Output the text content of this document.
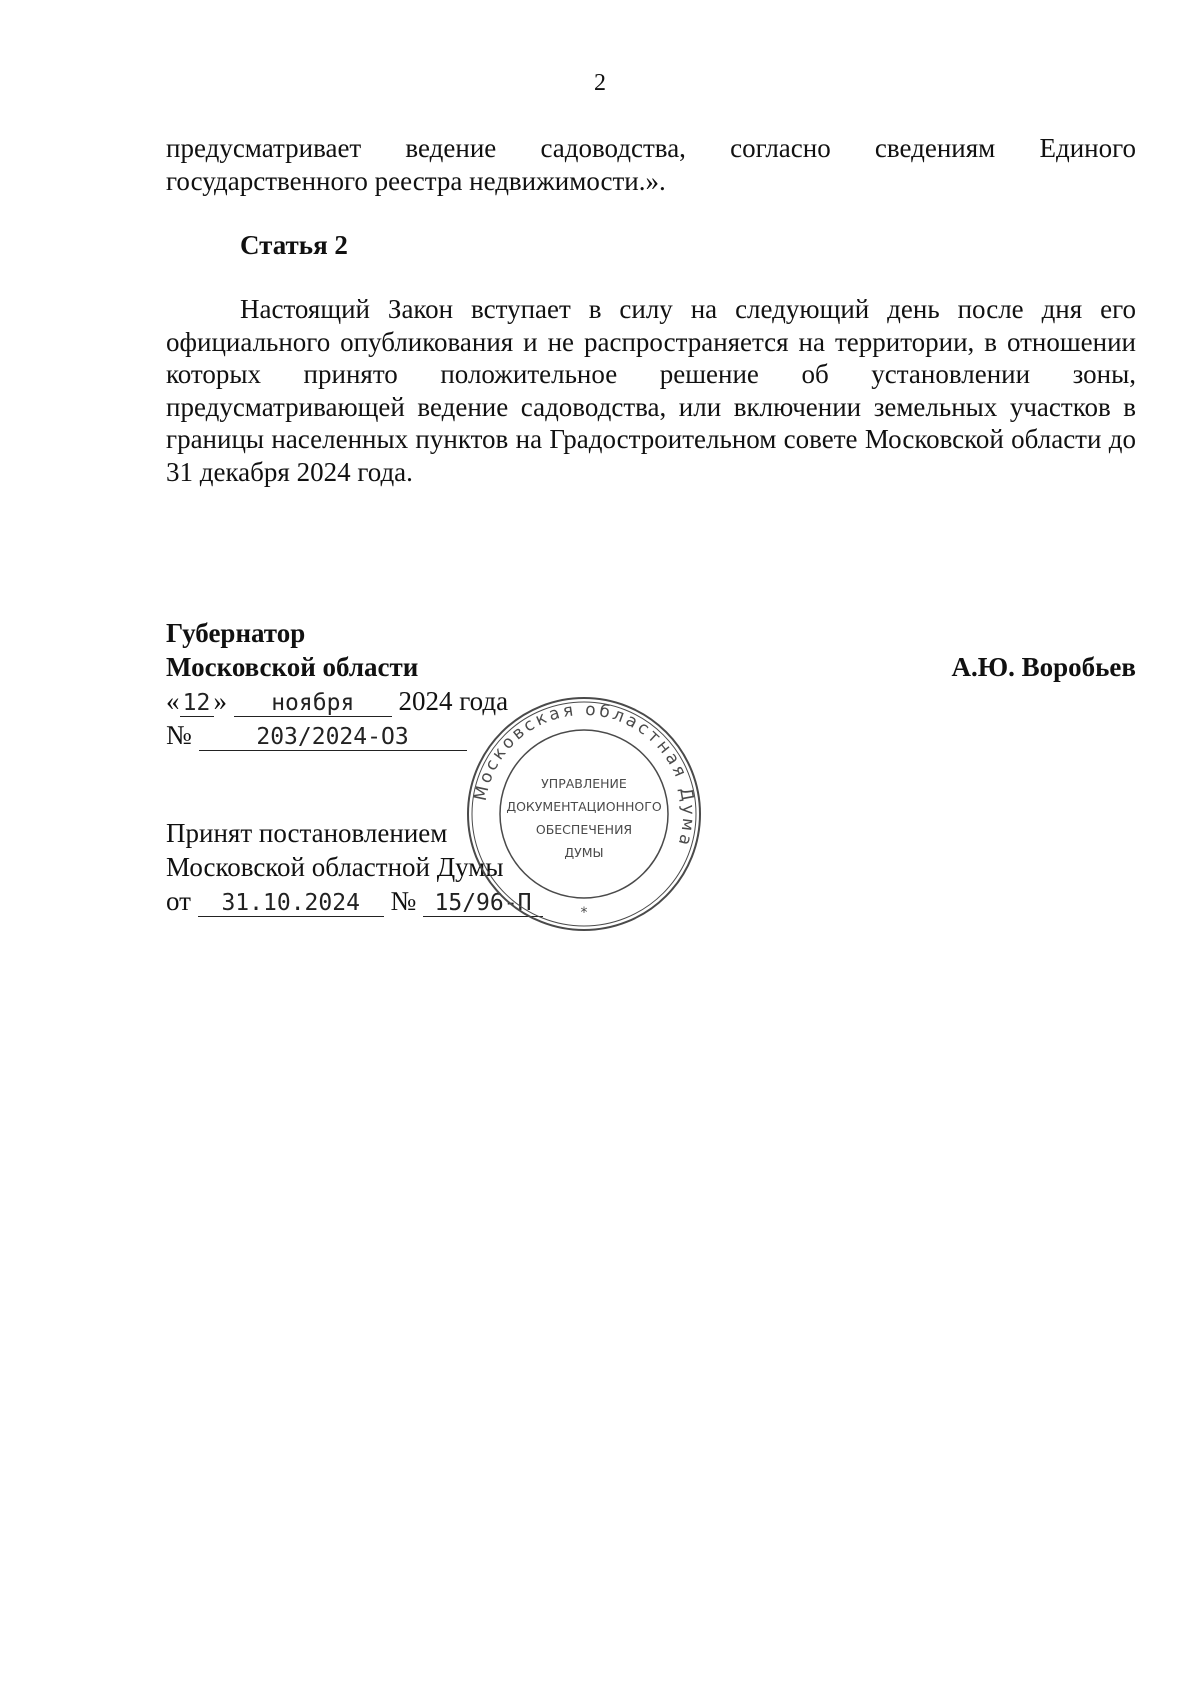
2
предусматривает ведение садоводства, согласно сведениям Единого государственного реестра недвижимости.».
Статья 2
Настоящий Закон вступает в силу на следующий день после дня его официального опубликования и не распространяется на территории, в отношении которых принято положительное решение об установлении зоны, предусматривающей ведение садоводства, или включении земельных участков в границы населенных пунктов на Градостроительном совете Московской области до 31 декабря 2024 года.
Губернатор
Московской области	А.Ю. Воробьев
« 12 » ноября 2024 года
№	203/2024-ОЗ
Принят постановлением
Московской областной Думы
от 31.10.2024 № 15/96-П
Московская областная Дума
УПРАВЛЕНИЕ
ДОКУМЕНТАЦИОННОГО
ОБЕСПЕЧЕНИЯ
ДУМЫ
*
